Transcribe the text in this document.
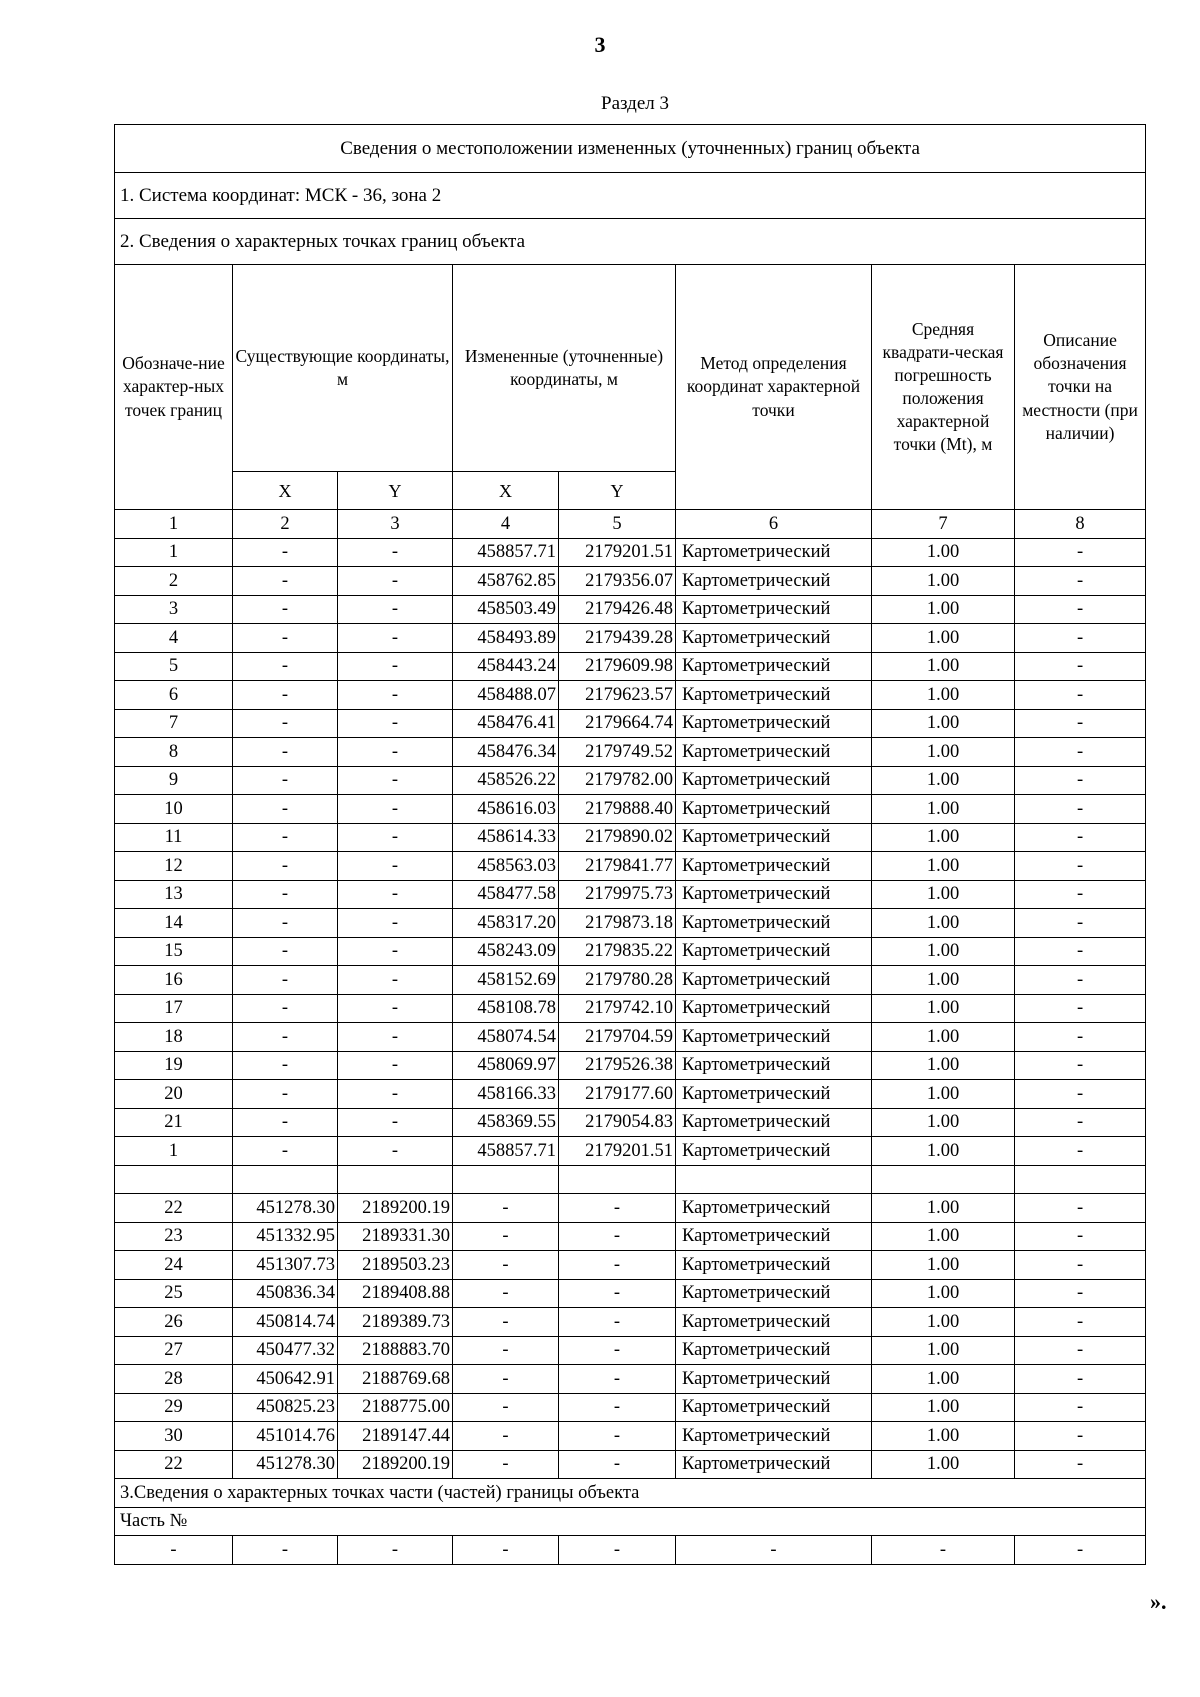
3
Раздел 3
Сведения о местоположении измененных (уточненных) границ объекта							
1. Система координат: МСК - 36, зона 2							
2. Сведения о характерных точках границ объекта							
Обозначе-ние характер-ных точек границ	Существующие координаты, м		Измененные (уточненные) координаты, м		Метод определения координат характерной точки	Средняя квадрати-ческая погрешность положения характерной точки (Mt), м	Описание обозначения точки на местности (при наличии)
	X	Y	X	Y			
1	2	3	4	5	6	7	8
1	-	-	458857.71	2179201.51	Картометрический	1.00	-
2	-	-	458762.85	2179356.07	Картометрический	1.00	-
3	-	-	458503.49	2179426.48	Картометрический	1.00	-
4	-	-	458493.89	2179439.28	Картометрический	1.00	-
5	-	-	458443.24	2179609.98	Картометрический	1.00	-
6	-	-	458488.07	2179623.57	Картометрический	1.00	-
7	-	-	458476.41	2179664.74	Картометрический	1.00	-
8	-	-	458476.34	2179749.52	Картометрический	1.00	-
9	-	-	458526.22	2179782.00	Картометрический	1.00	-
10	-	-	458616.03	2179888.40	Картометрический	1.00	-
11	-	-	458614.33	2179890.02	Картометрический	1.00	-
12	-	-	458563.03	2179841.77	Картометрический	1.00	-
13	-	-	458477.58	2179975.73	Картометрический	1.00	-
14	-	-	458317.20	2179873.18	Картометрический	1.00	-
15	-	-	458243.09	2179835.22	Картометрический	1.00	-
16	-	-	458152.69	2179780.28	Картометрический	1.00	-
17	-	-	458108.78	2179742.10	Картометрический	1.00	-
18	-	-	458074.54	2179704.59	Картометрический	1.00	-
19	-	-	458069.97	2179526.38	Картометрический	1.00	-
20	-	-	458166.33	2179177.60	Картометрический	1.00	-
21	-	-	458369.55	2179054.83	Картометрический	1.00	-
1	-	-	458857.71	2179201.51	Картометрический	1.00	-

22	451278.30	2189200.19	-	-	Картометрический	1.00	-
23	451332.95	2189331.30	-	-	Картометрический	1.00	-
24	451307.73	2189503.23	-	-	Картометрический	1.00	-
25	450836.34	2189408.88	-	-	Картометрический	1.00	-
26	450814.74	2189389.73	-	-	Картометрический	1.00	-
27	450477.32	2188883.70	-	-	Картометрический	1.00	-
28	450642.91	2188769.68	-	-	Картометрический	1.00	-
29	450825.23	2188775.00	-	-	Картометрический	1.00	-
30	451014.76	2189147.44	-	-	Картометрический	1.00	-
22	451278.30	2189200.19	-	-	Картометрический	1.00	-
3.Сведения о характерных точках части (частей) границы объекта							
Часть №							
-	-	-	-	-	-	-	-
».
